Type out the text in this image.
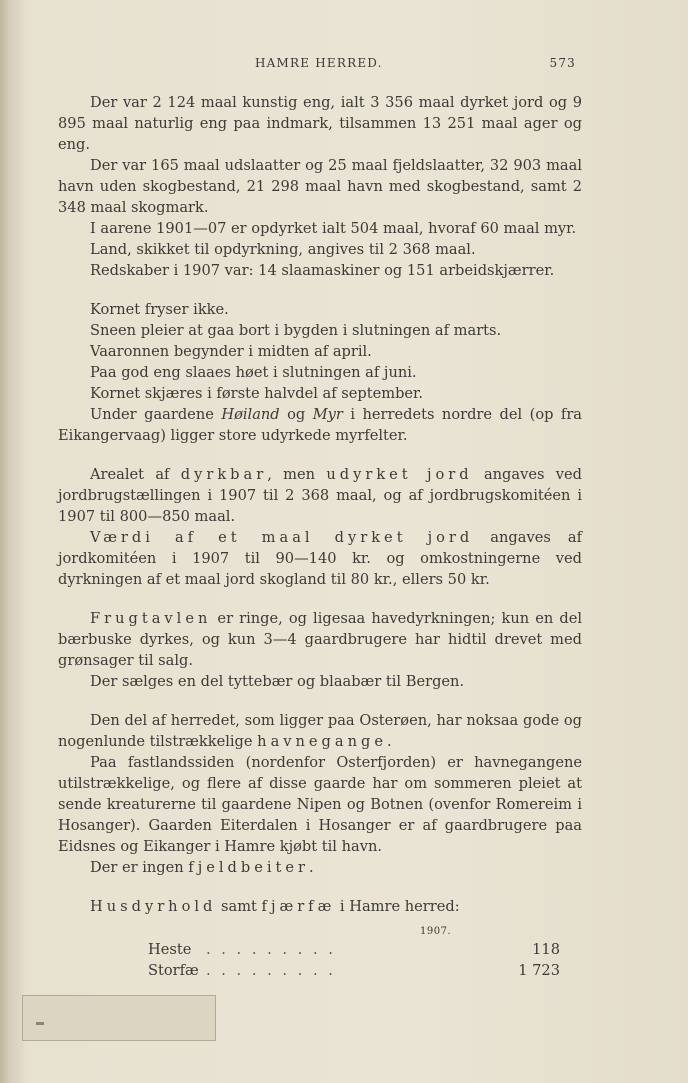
HAMRE HERRED.	573

Der var 2 124 maal kunstig eng, ialt 3 356 maal dyrket jord og 9 895 maal naturlig eng paa indmark, tilsammen 13 251 maal ager og eng.

Der var 165 maal udslaatter og 25 maal fjeldslaatter, 32 903 maal havn uden skogbestand, 21 298 maal havn med skogbestand, samt 2 348 maal skogmark.

I aarene 1901—07 er opdyrket ialt 504 maal, hvoraf 60 maal myr.

Land, skikket til opdyrkning, angives til 2 368 maal.

Redskaber i 1907 var: 14 slaamaskiner og 151 arbeidskjærrer.

Kornet fryser ikke.

Sneen pleier at gaa bort i bygden i slutningen af marts.

Vaaronnen begynder i midten af april.

Paa god eng slaaes høet i slutningen af juni.

Kornet skjæres i første halvdel af september.

Under gaardene Høiland og Myr i herredets nordre del (op fra Eikangervaag) ligger store udyrkede myrfelter.

Arealet af dyrkbar, men udyrket jord angaves ved jordbrugstællingen i 1907 til 2 368 maal, og af jordbrugskomitéen i 1907 til 800—850 maal.

Værdi af et maal dyrket jord angaves af jordkomitéen i 1907 til 90—140 kr. og omkostningerne ved dyrkningen af et maal jord skogland til 80 kr., ellers 50 kr.

Frugtavlen er ringe, og ligesaa havedyrkningen; kun en del bærbuske dyrkes, og kun 3—4 gaardbrugere har hidtil drevet med grønsager til salg.

Der sælges en del tyttebær og blaabær til Bergen.

Den del af herredet, som ligger paa Osterøen, har noksaa gode og nogenlunde tilstrækkelige havnegange.

Paa fastlandssiden (nordenfor Osterfjorden) er havnegangene utilstrækkelige, og flere af disse gaarde har om sommeren pleiet at sende kreaturerne til gaardene Nipen og Botnen (ovenfor Romereim i Hosanger). Gaarden Eiterdalen i Hosanger er af gaardbrugere paa Eidsnes og Eikanger i Hamre kjøbt til havn.

Der er ingen fjeldbeiter.

Husdyrhold samt fjærfæ i Hamre herred:

1907.
Heste . . . . . . . . .	118
Storfæ . . . . . . . . .	1 723
